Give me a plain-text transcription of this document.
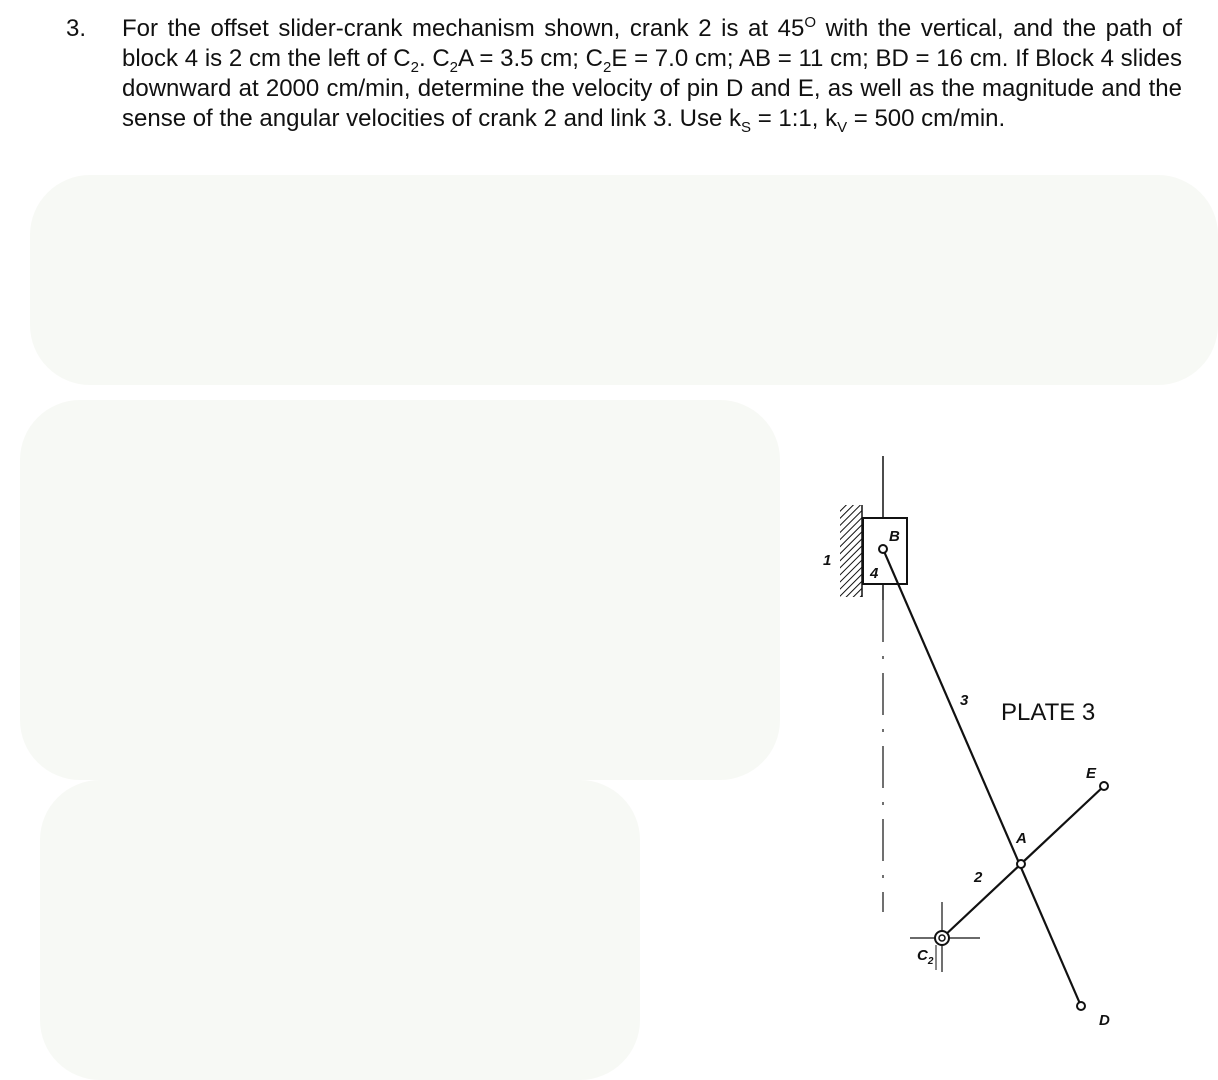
3. For the offset slider-crank mechanism shown, crank 2 is at $45^O$ with the vertical, and the path of block 4 is 2 cm the left of $C_2$. $C_2A = 3.5$ cm; $C_2E = 7.0$ cm; AB = 11 cm; BD = 16 cm. If Block 4 slides downward at 2000 cm/min, determine the velocity of pin D and E, as well as the magnitude and the sense of the angular velocities of crank 2 and link 3. Use $k_S$ = 1:1, $k_V = 500$ cm/min.
1
4
B
3
A
E
2
D
$C_2$
PLATE 3
